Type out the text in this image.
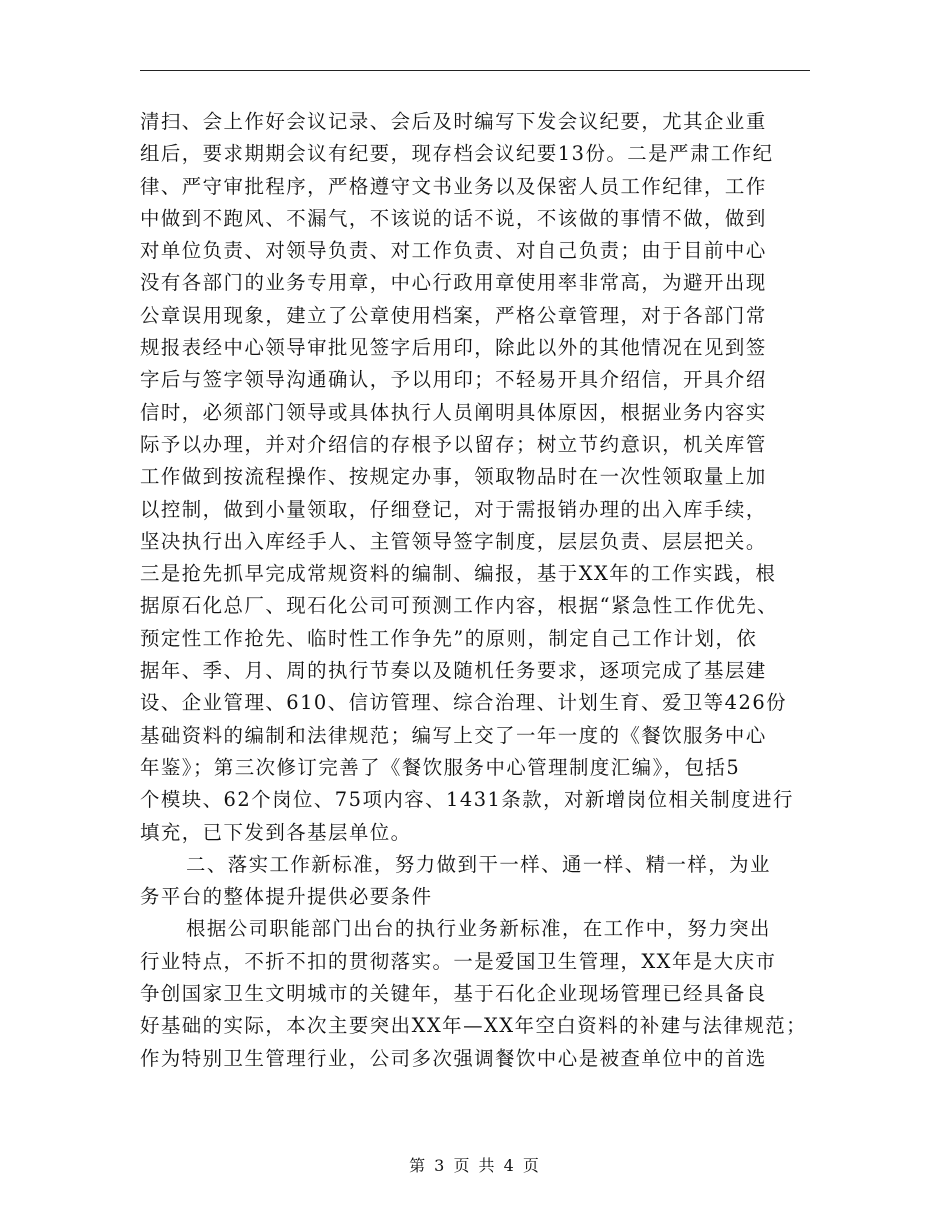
清扫、会上作好会议记录、会后及时编写下发会议纪要，尤其企业重
组后，要求期期会议有纪要，现存档会议纪要13份。二是严肃工作纪
律、严守审批程序，严格遵守文书业务以及保密人员工作纪律，工作
中做到不跑风、不漏气，不该说的话不说，不该做的事情不做，做到
对单位负责、对领导负责、对工作负责、对自己负责；由于目前中心
没有各部门的业务专用章，中心行政用章使用率非常高，为避开出现
公章误用现象，建立了公章使用档案，严格公章管理，对于各部门常
规报表经中心领导审批见签字后用印，除此以外的其他情况在见到签
字后与签字领导沟通确认，予以用印；不轻易开具介绍信，开具介绍
信时，必须部门领导或具体执行人员阐明具体原因，根据业务内容实
际予以办理，并对介绍信的存根予以留存；树立节约意识，机关库管
工作做到按流程操作、按规定办事，领取物品时在一次性领取量上加
以控制，做到小量领取，仔细登记，对于需报销办理的出入库手续，
坚决执行出入库经手人、主管领导签字制度，层层负责、层层把关。
三是抢先抓早完成常规资料的编制、编报，基于XX年的工作实践，根
据原石化总厂、现石化公司可预测工作内容，根据“紧急性工作优先、
预定性工作抢先、临时性工作争先”的原则，制定自己工作计划，依
据年、季、月、周的执行节奏以及随机任务要求，逐项完成了基层建
设、企业管理、610、信访管理、综合治理、计划生育、爱卫等426份
基础资料的编制和法律规范；编写上交了一年一度的《餐饮服务中心
年鉴》；第三次修订完善了《餐饮服务中心管理制度汇编》，包括5
个模块、62个岗位、75项内容、1431条款，对新增岗位相关制度进行
填充，已下发到各基层单位。
二、落实工作新标准，努力做到干一样、通一样、精一样，为业
务平台的整体提升提供必要条件
根据公司职能部门出台的执行业务新标准，在工作中，努力突出
行业特点，不折不扣的贯彻落实。一是爱国卫生管理，XX年是大庆市
争创国家卫生文明城市的关键年，基于石化企业现场管理已经具备良
好基础的实际，本次主要突出XX年—XX年空白资料的补建与法律规范；
作为特别卫生管理行业，公司多次强调餐饮中心是被查单位中的首选
第 3 页 共 4 页
